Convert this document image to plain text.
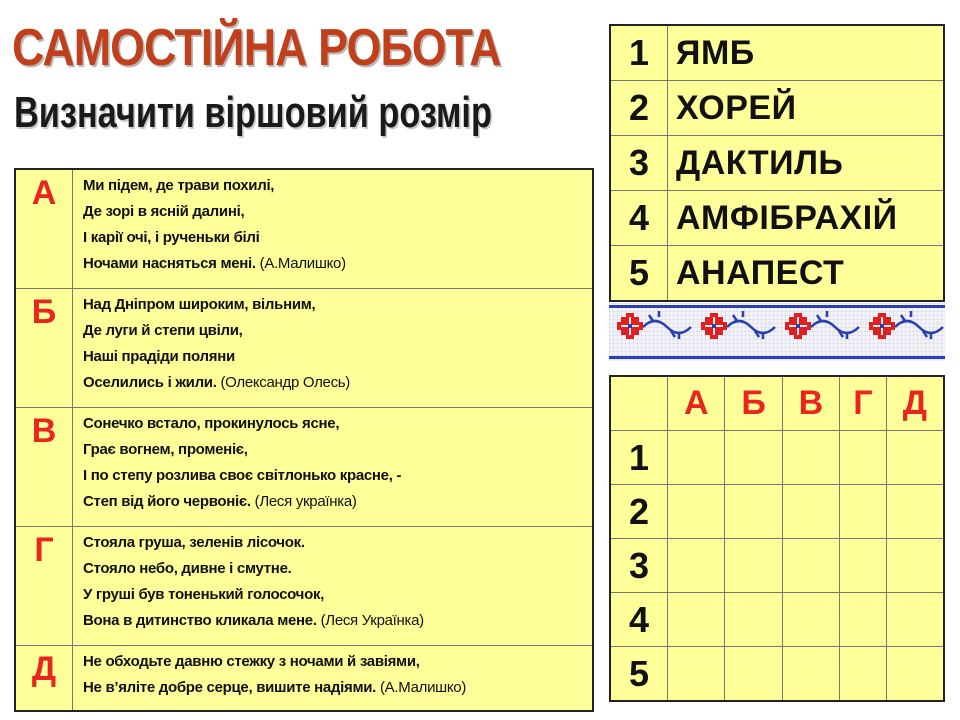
САМОСТІЙНА РОБОТА
Визначити віршовий розмір
А	Ми підем, де трави похилі,
Де зорі в ясній далині,
І карії очі, і рученьки білі
Ночами насняться мені. (А.Малишко)

Б	Над Дніпром широким, вільним,
Де луги й степи цвіли,
Наші прадіди поляни
Оселились і жили. (Олександр Олесь)

В	Сонечко встало, прокинулось ясне,
Грає вогнем, променіє,
І по степу розлива своє світлонько красне, -
Степ від його червоніє. (Леся українка)

Г	Стояла груша, зеленів лісочок.
Стояло небо, дивне і смутне.
У груші був тоненький голосочок,
Вона в дитинство кликала мене. (Леся Українка)

Д	Не обходьте давню стежку з ночами й завіями,
Не в’яліте добре серце, вишите надіями. (А.Малишко)
1	ЯМБ
2	ХОРЕЙ
3	ДАКТИЛЬ
4	АМФІБРАХІЙ
5	АНАПЕСТ
	А	Б	В	Г	Д
1					
2					
3					
4					
5					
